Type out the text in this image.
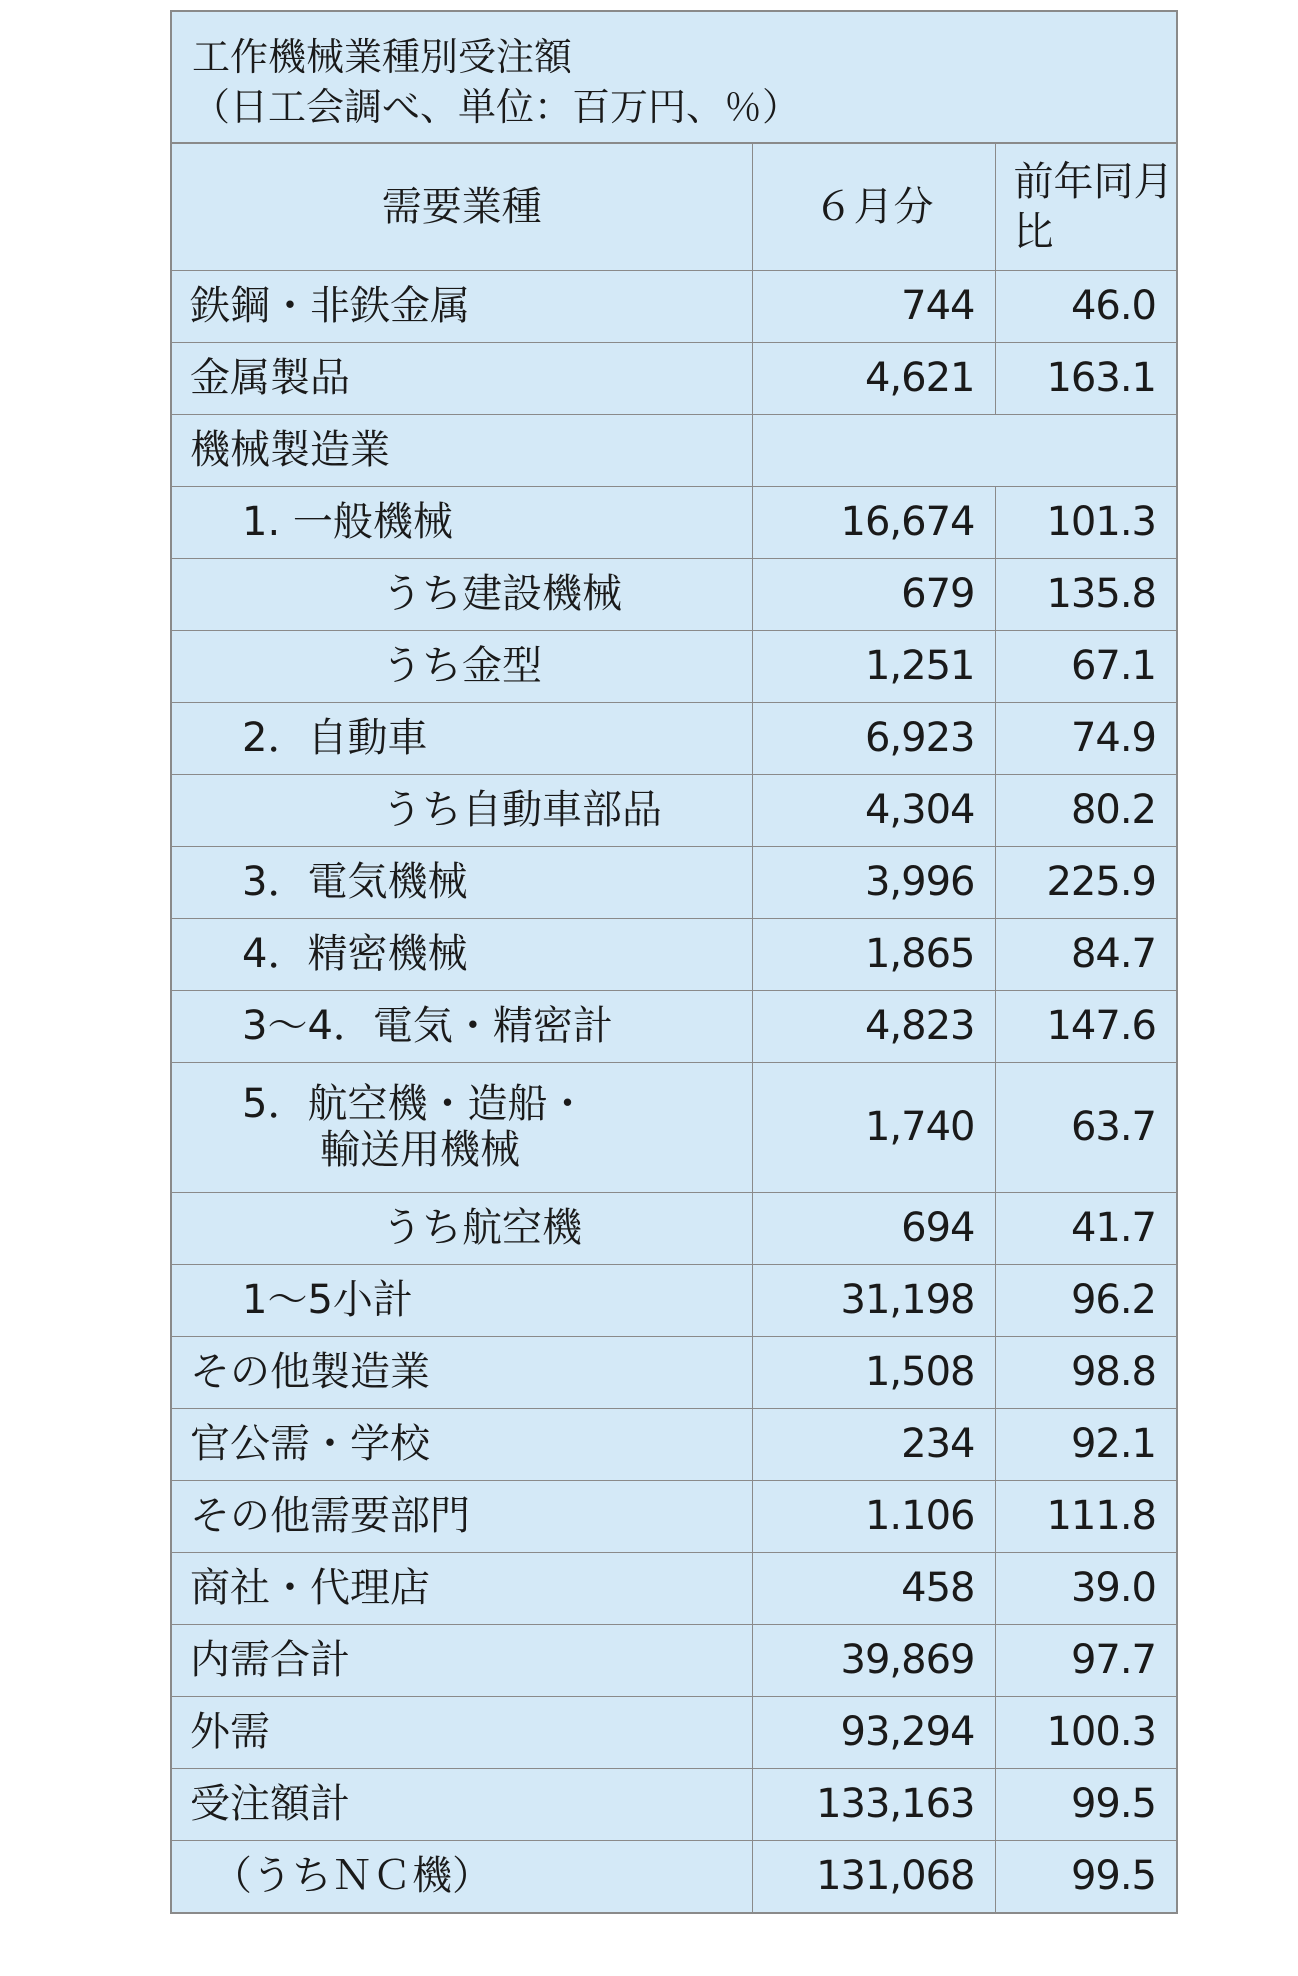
工作機械業種別受注額
（日工会調べ、単位：百万円、％）
需要業種	６月分	前年同月比
鉄鋼・非鉄金属	744	46.0
金属製品	4,621	163.1
機械製造業		
1. 一般機械	16,674	101.3
うち建設機械	679	135.8
うち金型	1,251	67.1
2．自動車	6,923	74.9
うち自動車部品	4,304	80.2
3．電気機械	3,996	225.9
4．精密機械	1,865	84.7
3～4．電気・精密計	4,823	147.6

5．航空機・造船・
輸送用機械	1,740	63.7
うち航空機	694	41.7
1～5小計	31,198	96.2
その他製造業	1,508	98.8
官公需・学校	234	92.1
その他需要部門	1.106	111.8
商社・代理店	458	39.0
内需合計	39,869	97.7
外需	93,294	100.3
受注額計	133,163	99.5
（うちＮＣ機）	131,068	99.5
